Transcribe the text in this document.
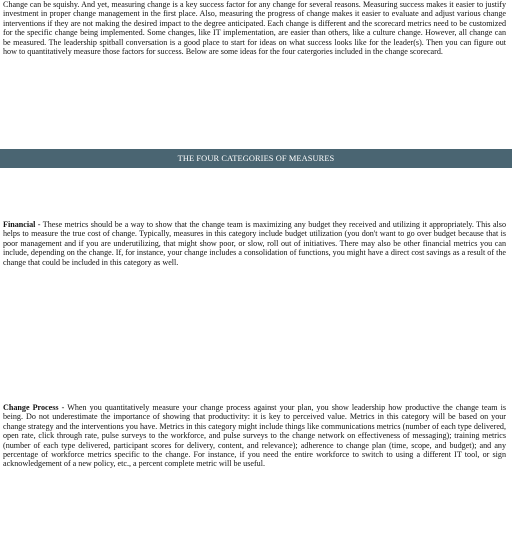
Change can be squishy. And yet, measuring change is a key success factor for any change for several reasons. Measuring success makes it easier to justify investment in proper change management in the first place. Also, measuring the progress of change makes it easier to evaluate and adjust various change interventions if they are not making the desired impact to the degree anticipated. Each change is different and the scorecard metrics need to be customized for the specific change being implemented. Some changes, like IT implementation, are easier than others, like a culture change. However, all change can be measured. The leadership spitball conversation is a good place to start for ideas on what success looks like for the leader(s). Then you can figure out how to quantitatively measure those factors for success. Below are some ideas for the four catergories included in the change scorecard.

THE FOUR CATEGORIES OF MEASURES

Financial - These metrics should be a way to show that the change team is maximizing any budget they received and utilizing it appropriately. This also helps to measure the true cost of change. Typically, measures in this category include budget utilization (you don't want to go over budget because that is poor management and if you are underutilizing, that might show poor, or slow, roll out of initiatives. There may also be other financial metrics you can include, depending on the change. If, for instance, your change includes a consolidation of functions, you might have a direct cost savings as a result of the change that could be included in this category as well.

Change Process - When you quantitatively measure your change process against your plan, you show leadership how productive the change team is being. Do not underestimate the importance of showing that productivity: it is key to perceived value. Metrics in this category will be based on your change strategy and the interventions you have. Metrics in this category might include things like communications metrics (number of each type delivered, open rate, click through rate, pulse surveys to the workforce, and pulse surveys to the change network on effectiveness of messaging); training metrics (number of each type delivered, participant scores for delivery, content, and relevance); adherence to change plan (time, scope, and budget); and any percentage of workforce metrics specific to the change. For instance, if you need the entire workforce to switch to using a different IT tool, or sign acknowledgement of a new policy, etc., a percent complete metric will be useful.
